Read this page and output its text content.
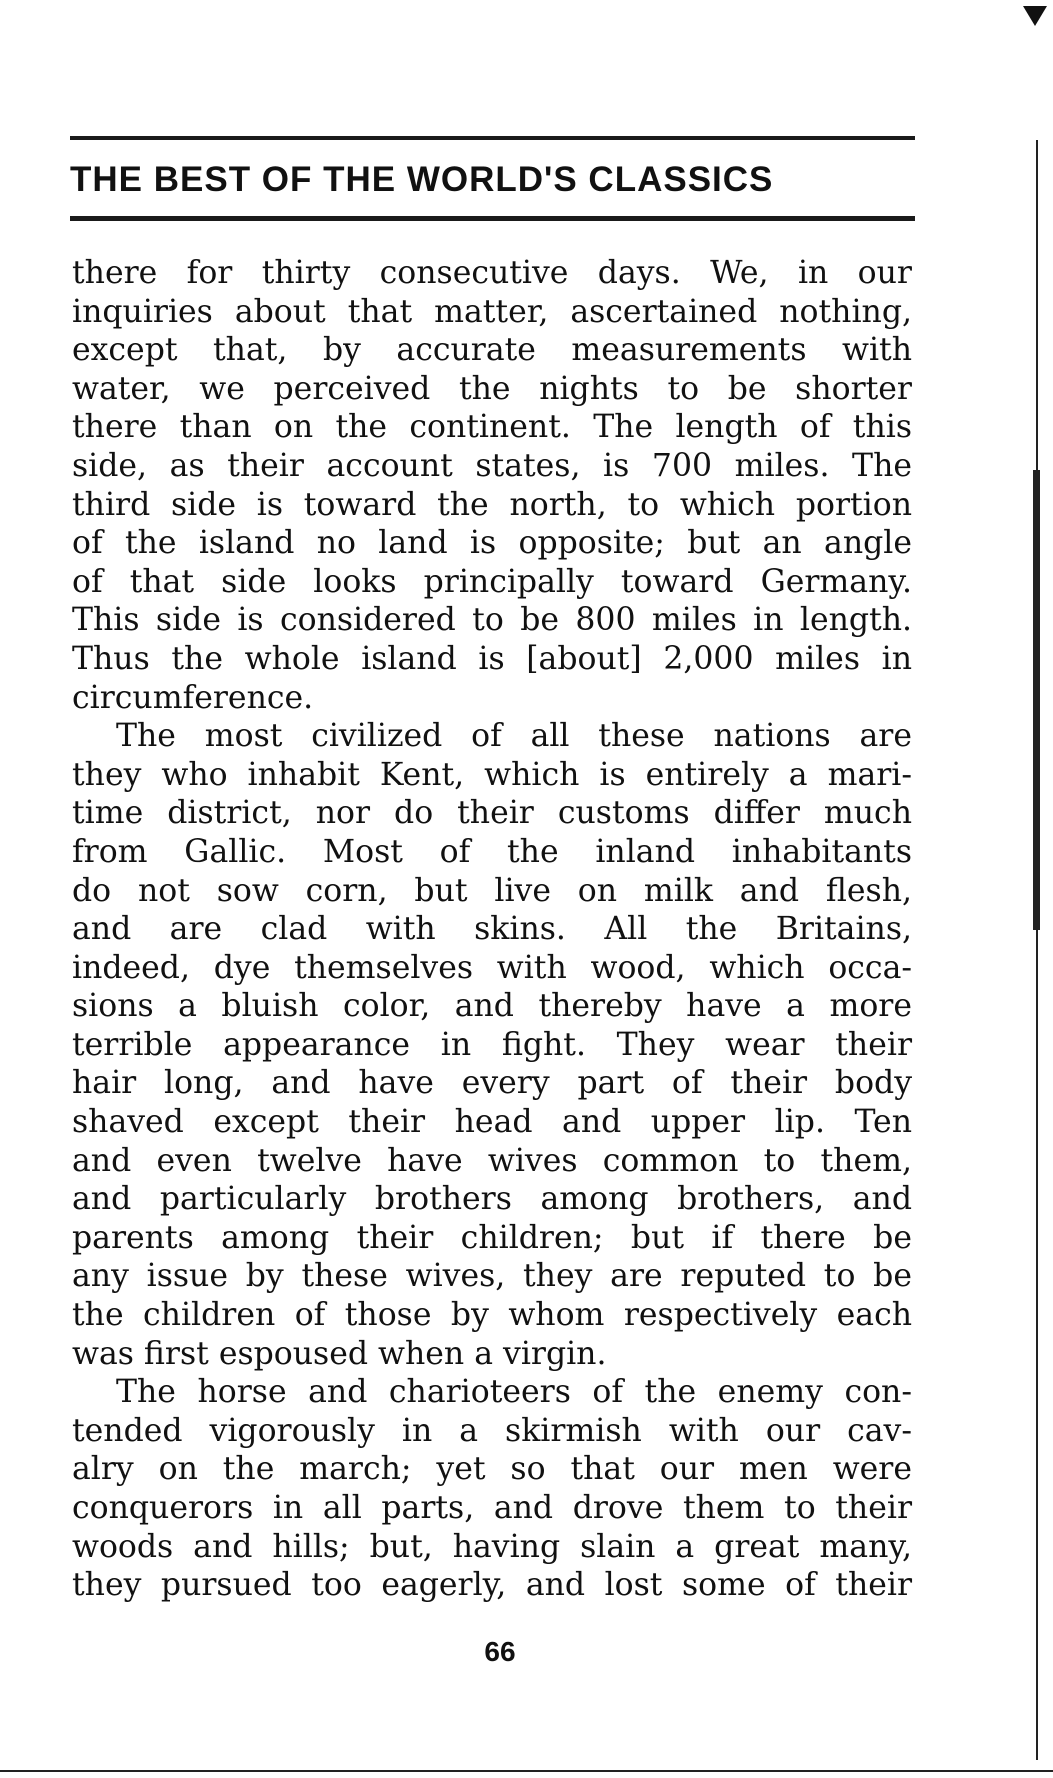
THE BEST OF THE WORLD'S CLASSICS
there for thirty consecutive days. We, in our
inquiries about that matter, ascertained nothing,
except that, by accurate measurements with
water, we perceived the nights to be shorter
there than on the continent. The length of this
side, as their account states, is 700 miles. The
third side is toward the north, to which portion
of the island no land is opposite; but an angle
of that side looks principally toward Germany.
This side is considered to be 800 miles in length.
Thus the whole island is [about] 2,000 miles in
circumference.
The most civilized of all these nations are
they who inhabit Kent, which is entirely a mari-
time district, nor do their customs differ much
from Gallic. Most of the inland inhabitants
do not sow corn, but live on milk and flesh,
and are clad with skins. All the Britains,
indeed, dye themselves with wood, which occa-
sions a bluish color, and thereby have a more
terrible appearance in fight. They wear their
hair long, and have every part of their body
shaved except their head and upper lip. Ten
and even twelve have wives common to them,
and particularly brothers among brothers, and
parents among their children; but if there be
any issue by these wives, they are reputed to be
the children of those by whom respectively each
was first espoused when a virgin.
The horse and charioteers of the enemy con-
tended vigorously in a skirmish with our cav-
alry on the march; yet so that our men were
conquerors in all parts, and drove them to their
woods and hills; but, having slain a great many,
they pursued too eagerly, and lost some of their
66
